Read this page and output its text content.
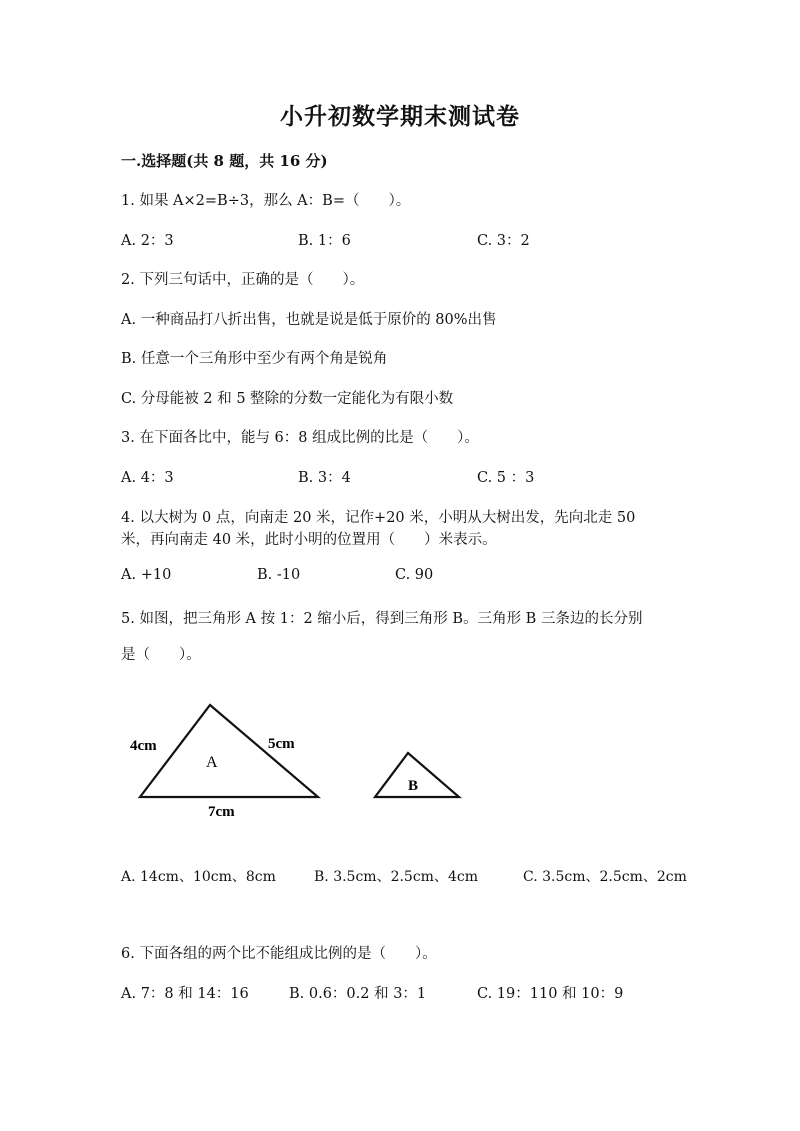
小升初数学期末测试卷
一.选择题(共 8 题，共 16 分)
1. 如果 A×2=B÷3，那么 A：B=（　　）。
A. 2：3	B. 1：6	C. 3：2
2. 下列三句话中，正确的是（　　）。
A. 一种商品打八折出售，也就是说是低于原价的 80%出售
B. 任意一个三角形中至少有两个角是锐角
C. 分母能被 2 和 5 整除的分数一定能化为有限小数
3. 在下面各比中，能与 6：8 组成比例的比是（　　）。
A. 4：3	B. 3：4	C. 5 ：3
4. 以大树为 0 点，向南走 20 米，记作+20 米，小明从大树出发，先向北走 50
米，再向南走 40 米，此时小明的位置用（　　）米表示。
A. +10	B. -10	C. 90
5. 如图，把三角形 A 按 1：2 缩小后，得到三角形 B。三角形 B 三条边的长分别
是（　　）。
4cm	5cm
7cm
A
B
A. 14cm、10cm、8cm	B. 3.5cm、2.5cm、4cm	C. 3.5cm、2.5cm、2cm
6. 下面各组的两个比不能组成比例的是（　　）。
A. 7：8 和 14：16	B. 0.6：0.2 和 3：1	C. 19：110 和 10：9
